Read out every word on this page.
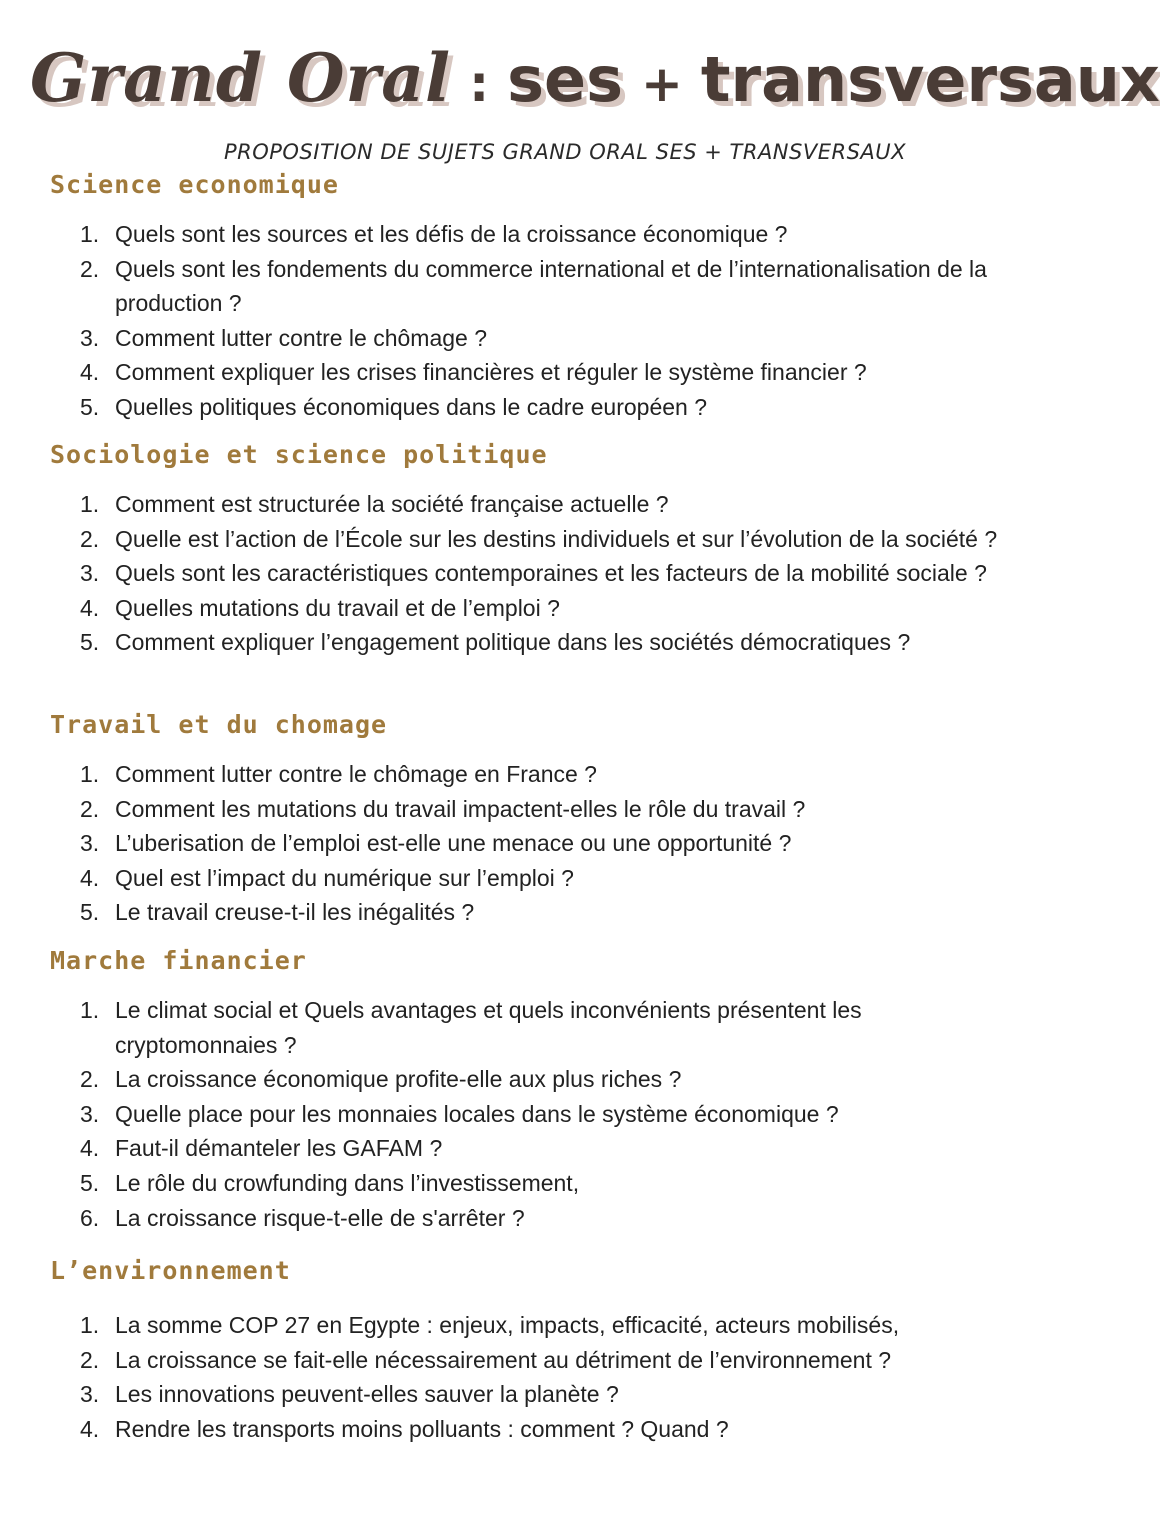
Grand Oral : ses + transversaux
PROPOSITION DE SUJETS GRAND ORAL SES + TRANSVERSAUX
Science economique
1. Quels sont les sources et les défis de la croissance économique ?
2. Quels sont les fondements du commerce international et de l’internationalisation de la production ?
3. Comment lutter contre le chômage ?
4. Comment expliquer les crises financières et réguler le système financier ?
5. Quelles politiques économiques dans le cadre européen ?
Sociologie et science politique
1. Comment est structurée la société française actuelle ?
2. Quelle est l’action de l’École sur les destins individuels et sur l’évolution de la société ?
3. Quels sont les caractéristiques contemporaines et les facteurs de la mobilité sociale ?
4. Quelles mutations du travail et de l’emploi ?
5. Comment expliquer l’engagement politique dans les sociétés démocratiques ?
Travail et du chomage
1. Comment lutter contre le chômage en France ?
2. Comment les mutations du travail impactent-elles le rôle du travail ?
3. L’uberisation de l’emploi est-elle une menace ou une opportunité ?
4. Quel est l’impact du numérique sur l’emploi ?
5. Le travail creuse-t-il les inégalités ?
Marche financier
1. Le climat social et Quels avantages et quels inconvénients présentent les cryptomonnaies ?
2. La croissance économique profite-elle aux plus riches ?
3. Quelle place pour les monnaies locales dans le système économique ?
4. Faut-il démanteler les GAFAM ?
5. Le rôle du crowfunding dans l’investissement,
6. La croissance risque-t-elle de s'arrêter ?
L’environnement
1. La somme COP 27 en Egypte : enjeux, impacts, efficacité, acteurs mobilisés,
2. La croissance se fait-elle nécessairement au détriment de l’environnement ?
3. Les innovations peuvent-elles sauver la planète ?
4. Rendre les transports moins polluants : comment ? Quand ?
